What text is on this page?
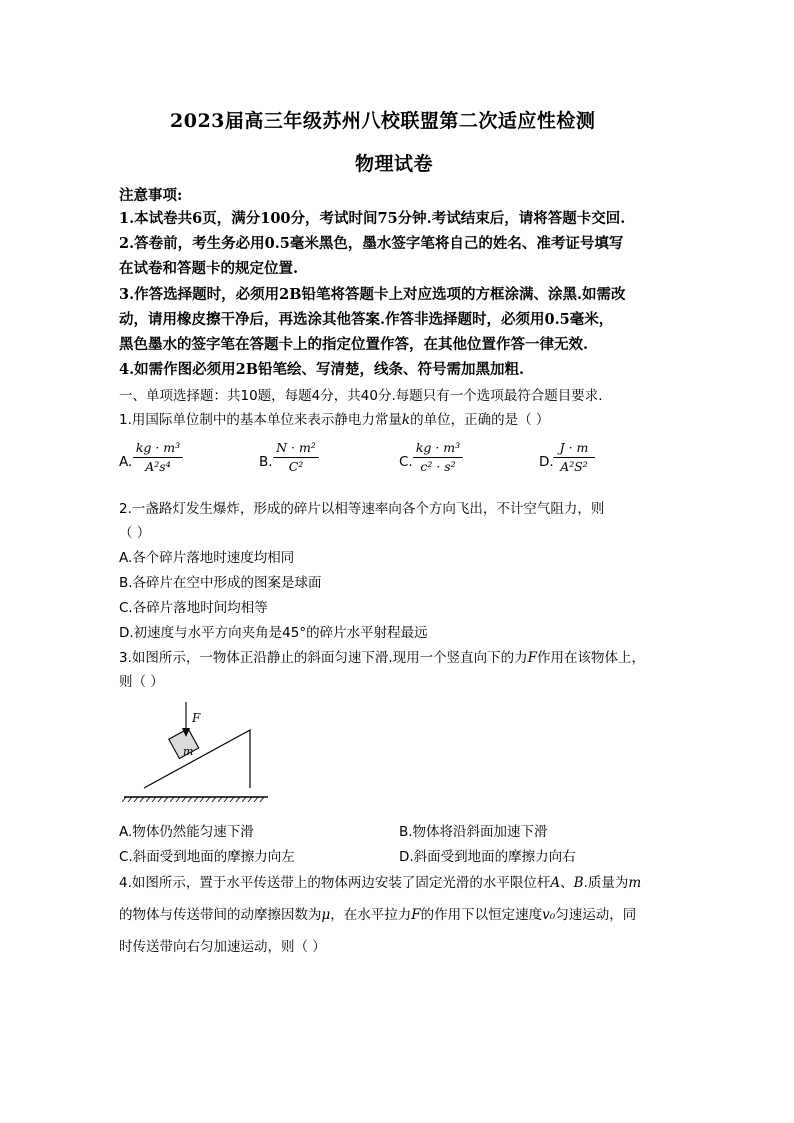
2023届高三年级苏州八校联盟第二次适应性检测
物理试卷
注意事项:
1.本试卷共6页，满分100分，考试时间75分钟.考试结束后，请将答题卡交回.
2.答卷前，考生务必用0.5毫米黑色，墨水签字笔将自己的姓名、准考证号填写
在试卷和答题卡的规定位置.
3.作答选择题时，必须用2B铅笔将答题卡上对应选项的方框涂满、涂黑.如需改
动，请用橡皮擦干净后，再选涂其他答案.作答非选择题时，必须用0.5毫米，
黑色墨水的签字笔在答题卡上的指定位置作答，在其他位置作答一律无效.
4.如需作图必须用2B铅笔绘、写清楚，线条、符号需加黑加粗.
一、单项选择题：共10题，每题4分，共40分.每题只有一个选项最符合题目要求.
1.用国际单位制中的基本单位来表示静电力常量k的单位，正确的是（ ）
A.
kg · m³
A²s⁴	B.
N · m²
C²	C.
kg · m³
c² · s²	D.
J · m
A²S²
2.一盏路灯发生爆炸，形成的碎片以相等速率向各个方向飞出，不计空气阻力，则
（ ）
A.各个碎片落地时速度均相同
B.各碎片在空中形成的图案是球面
C.各碎片落地时间均相等
D.初速度与水平方向夹角是45°的碎片水平射程最远
3.如图所示，一物体正沿静止的斜面匀速下滑.现用一个竖直向下的力F作用在该物体上，
则（ ）
m
F
A.物体仍然能匀速下滑	B.物体将沿斜面加速下滑
C.斜面受到地面的摩擦力向左	D.斜面受到地面的摩擦力向右
4.如图所示，置于水平传送带上的物体两边安装了固定光滑的水平限位杆A、B.质量为m
的物体与传送带间的动摩擦因数为μ，在水平拉力F的作用下以恒定速度v₀匀速运动，同
时传送带向右匀加速运动，则（ ）
